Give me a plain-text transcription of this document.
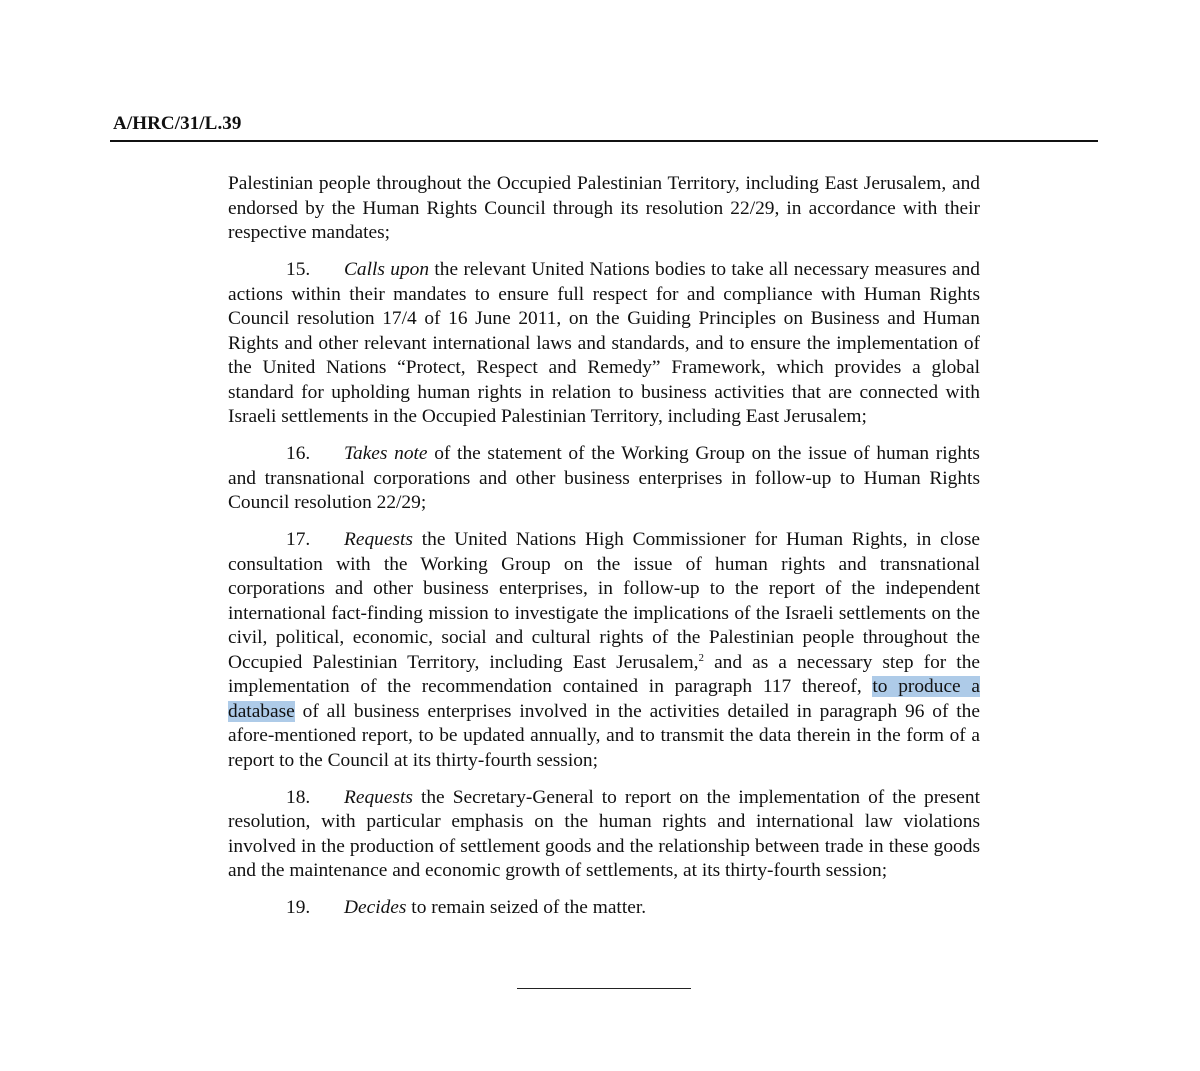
A/HRC/31/L.39

Palestinian people throughout the Occupied Palestinian Territory, including East Jerusalem, and endorsed by the Human Rights Council through its resolution 22/29, in accordance with their respective mandates;

15. Calls upon the relevant United Nations bodies to take all necessary measures and actions within their mandates to ensure full respect for and compliance with Human Rights Council resolution 17/4 of 16 June 2011, on the Guiding Principles on Business and Human Rights and other relevant international laws and standards, and to ensure the implementation of the United Nations “Protect, Respect and Remedy” Framework, which provides a global standard for upholding human rights in relation to business activities that are connected with Israeli settlements in the Occupied Palestinian Territory, including East Jerusalem;

16. Takes note of the statement of the Working Group on the issue of human rights and transnational corporations and other business enterprises in follow-up to Human Rights Council resolution 22/29;

17. Requests the United Nations High Commissioner for Human Rights, in close consultation with the Working Group on the issue of human rights and transnational corporations and other business enterprises, in follow-up to the report of the independent international fact-finding mission to investigate the implications of the Israeli settlements on the civil, political, economic, social and cultural rights of the Palestinian people throughout the Occupied Palestinian Territory, including East Jerusalem,$^2$ and as a necessary step for the implementation of the recommendation contained in paragraph 117 thereof, to produce a database of all business enterprises involved in the activities detailed in paragraph 96 of the afore-mentioned report, to be updated annually, and to transmit the data therein in the form of a report to the Council at its thirty-fourth session;

18. Requests the Secretary-General to report on the implementation of the present resolution, with particular emphasis on the human rights and international law violations involved in the production of settlement goods and the relationship between trade in these goods and the maintenance and economic growth of settlements, at its thirty-fourth session;

19. Decides to remain seized of the matter.
